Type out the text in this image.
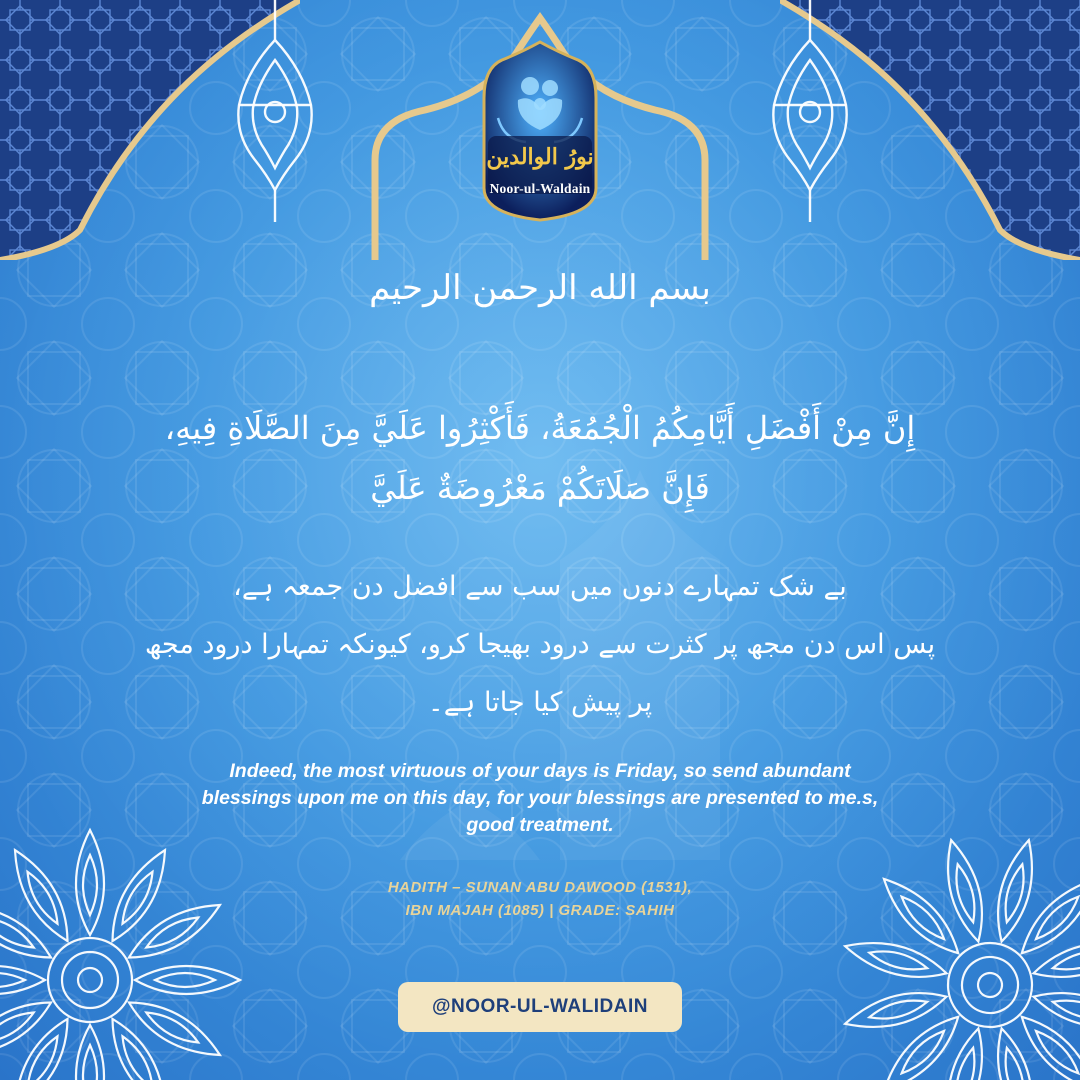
نورُ الوالدین
Noor-ul-Waldain
بسم الله الرحمن الرحيم
إِنَّ مِنْ أَفْضَلِ أَيَّامِكُمُ الْجُمُعَةُ، فَأَكْثِرُوا عَلَيَّ مِنَ الصَّلَاةِ فِيهِ،
فَإِنَّ صَلَاتَكُمْ مَعْرُوضَةٌ عَلَيَّ
بے شک تمہارے دنوں میں سب سے افضل دن جمعہ ہے،
پس اس دن مجھ پر کثرت سے درود بھیجا کرو، کیونکہ تمہارا درود مجھ
پر پیش کیا جاتا ہے۔
Indeed, the most virtuous of your days is Friday, so send abundant
blessings upon me on this day, for your blessings are presented to me.s,
good treatment.
HADITH – SUNAN ABU DAWOOD (1531),
IBN MAJAH (1085) | GRADE: SAHIH
@NOOR-UL-WALIDAIN
